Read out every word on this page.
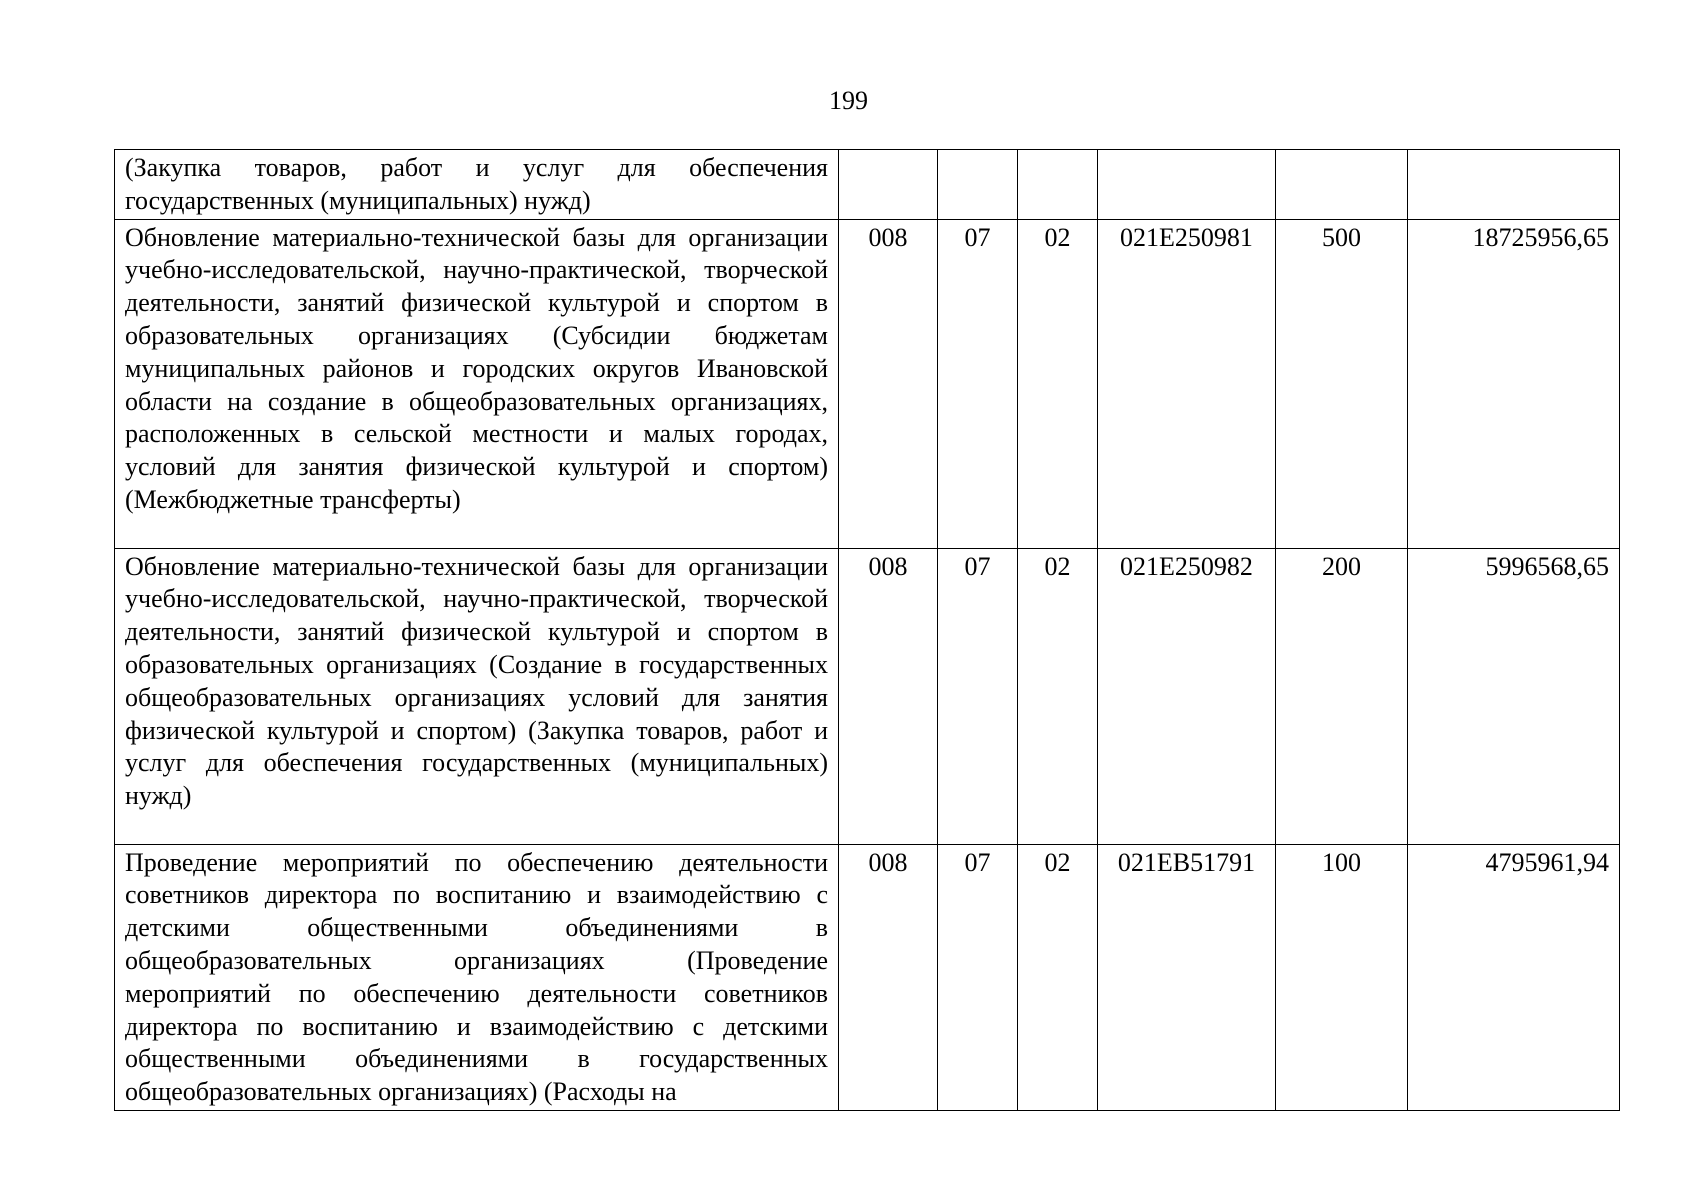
199
(Закупка товаров, работ и услуг для обеспечения государственных (муниципальных) нужд)						
Обновление материально-технической базы для организации учебно-исследовательской, научно-практической, творческой деятельности, занятий физической культурой и спортом в образовательных организациях (Субсидии бюджетам муниципальных районов и городских округов Ивановской области на создание в общеобразовательных организациях, расположенных в сельской местности и малых городах, условий для занятия физической культурой и спортом) (Межбюджетные трансферты)	008	07	02	021E250981	500	18725956,65
Обновление материально-технической базы для организации учебно-исследовательской, научно-практической, творческой деятельности, занятий физической культурой и спортом в образовательных организациях (Создание в государственных общеобразовательных организациях условий для занятия физической культурой и спортом) (Закупка товаров, работ и услуг для обеспечения государственных (муниципальных) нужд)	008	07	02	021E250982	200	5996568,65
Проведение мероприятий по обеспечению деятельности советников директора по воспитанию и взаимодействию с детскими общественными объединениями в общеобразовательных организациях (Проведение мероприятий по обеспечению деятельности советников директора по воспитанию и взаимодействию с детскими общественными объединениями в государственных общеобразовательных организациях) (Расходы на	008	07	02	021EB51791	100	4795961,94
